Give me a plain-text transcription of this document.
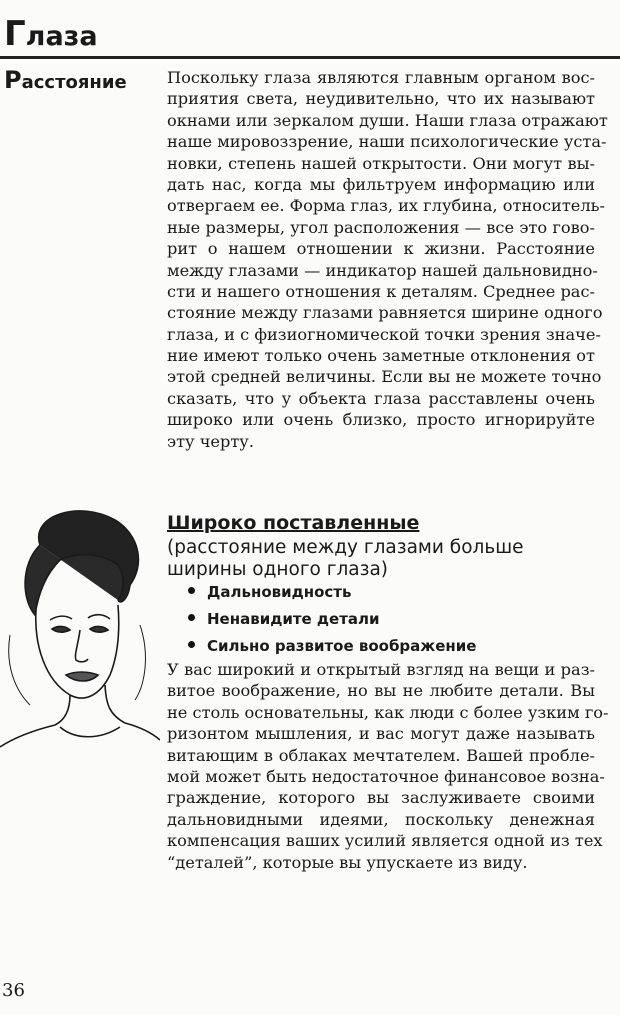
Глаза
Расстояние Поскольку глаза являются главным органом вос-
приятия света, неудивительно, что их называют
окнами или зеркалом души. Наши глаза отражают
наше мировоззрение, наши психологические уста-
новки, степень нашей открытости. Они могут вы-
дать нас, когда мы фильтруем информацию или
отвергаем ее. Форма глаз, их глубина, относитель-
ные размеры, угол расположения — все это гово-
рит о нашем отношении к жизни. Расстояние
между глазами — индикатор нашей дальновидно-
сти и нашего отношения к деталям. Среднее рас-
стояние между глазами равняется ширине одного
глаза, и с физиогномической точки зрения значе-
ние имеют только очень заметные отклонения от
этой средней величины. Если вы не можете точно
сказать, что у объекта глаза расставлены очень
широко или очень близко, просто игнорируйте
эту черту.
Широко поставленные
(расстояние между глазами больше
ширины одного глаза)
Дальновидность
Ненавидите детали
Сильно развитое воображение
У вас широкий и открытый взгляд на вещи и раз-
витое воображение, но вы не любите детали. Вы
не столь основательны, как люди с более узким го-
ризонтом мышления, и вас могут даже называть
витающим в облаках мечтателем. Вашей пробле-
мой может быть недостаточное финансовое возна-
граждение, которого вы заслуживаете своими
дальновидными идеями, поскольку денежная
компенсация ваших усилий является одной из тех
“деталей”, которые вы упускаете из виду.
36
